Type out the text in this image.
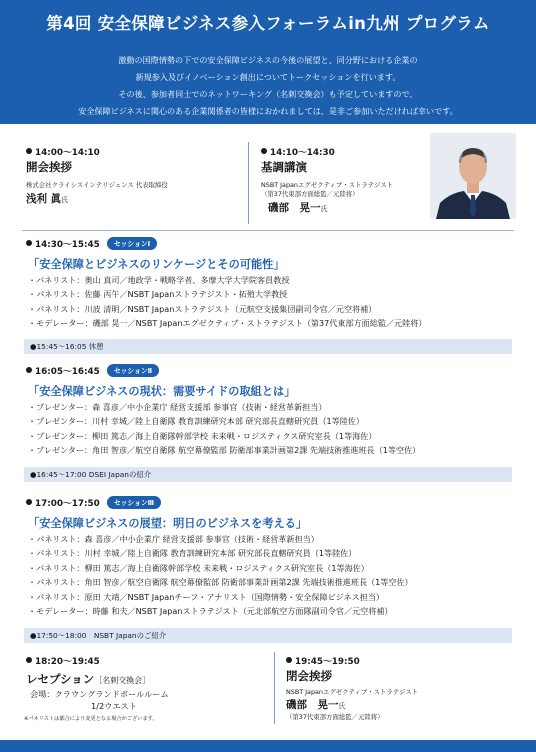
第4回 安全保障ビジネス参入フォーラムin九州 プログラム
激動の国際情勢の下での安全保障ビジネスの今後の展望と、同分野における企業の
新規参入及びイノベーション創出についてトークセッションを行います。
その後、参加者同士でのネットワーキング（名刺交換会）も予定していますので、
安全保障ビジネスに関心のある企業関係者の皆様におかれましては、是非ご参加いただければ幸いです。
14:00～14:10
開会挨拶
株式会社クライシスインテリジェンス 代表取締役
浅利 眞氏
14:10～14:30
基調講演
NSBT Japanエグゼクティブ・ストラテジスト
（第37代東部方面総監／元陸将）
磯部　晃一氏
14:30～15:45 セッションⅠ
「安全保障とビジネスのリンケージとその可能性」
・パネリスト：奥山 真司／地政学・戦略学者、多摩大学大学院客員教授
・パネリスト：佐藤 丙午／NSBT Japanストラテジスト・拓殖大学教授
・パネリスト：川波 清明／NSBT Japanストラテジスト（元航空支援集団副司令官／元空将補）
・モデレーター：磯部 晃一／NSBT Japanエグゼクティブ・ストラテジスト（第37代東部方面総監／元陸将）
●15:45～16:05 休憩
16:05～16:45 セッションⅡ
「安全保障ビジネスの現状：需要サイドの取組とは」
・プレゼンター：森 喜彦／中小企業庁 経営支援部 参事官（技術・経営革新担当）
・プレゼンター：川村 幸城／陸上自衛隊 教育訓練研究本部 研究部長直轄研究員（1等陸佐）
・プレゼンター：柳田 篤志／海上自衛隊幹部学校 未来戦・ロジスティクス研究室長（1等海佐）
・プレゼンター：角田 智彦／航空自衛隊 航空幕僚監部 防衛部事業計画第2課 先端技術推進班長（1等空佐）
●16:45～17:00 DSEI Japanの紹介
17:00～17:50 セッションⅢ
「安全保障ビジネスの展望：明日のビジネスを考える」
・パネリスト：森 喜彦／中小企業庁 経営支援部 参事官（技術・経営革新担当）
・パネリスト：川村 幸城／陸上自衛隊 教育訓練研究本部 研究部長直轄研究員（1等陸佐）
・パネリスト：柳田 篤志／海上自衛隊幹部学校 未来戦・ロジスティクス研究室長（1等海佐）
・パネリスト：角田 智彦／航空自衛隊 航空幕僚監部 防衛部事業計画第2課 先端技術推進班長（1等空佐）
・パネリスト：原田 大靖／NSBT Japanチーフ・アナリスト（国際情勢・安全保障ビジネス担当）
・モデレーター：時藤 和夫／NSBT Japanストラテジスト（元北部航空方面隊副司令官／元空将補）
●17:50～18:00　NSBT Japanのご紹介
18:20～19:45
レセプション［名刺交換会］
会場：クラウングランドボールルーム
1/2ウエスト
19:45～19:50
閉会挨拶
NSBT Japanエグゼクティブ・ストラテジスト
磯部　晃一氏
（第37代東部方面総監／元陸将）
※パネリストは都合により変更となる場合がございます。
